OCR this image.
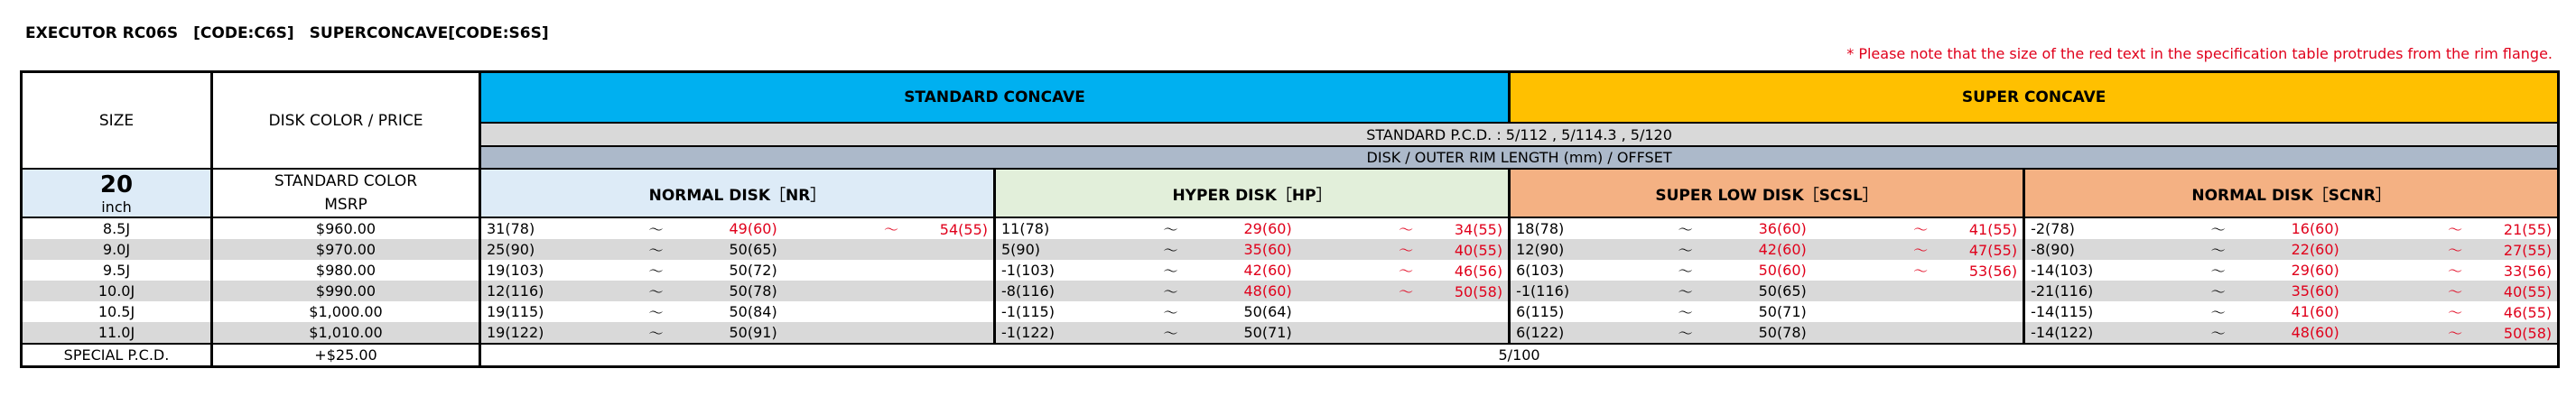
EXECUTOR RC06S　[CODE:C6S]　SUPERCONCAVE[CODE:S6S]
* Please note that the size of the red text in the specification table protrudes from the rim flange.
SIZE	DISK COLOR / PRICE	STANDARD CONCAVE								SUPER CONCAVE							
		STANDARD P.C.D. : 5/112 , 5/114.3 , 5/120															
		DISK / OUTER RIM LENGTH (mm) / OFFSET															

20
inch	STANDARD COLOR	NORMAL DISK［NR］				HYPER DISK［HP］				SUPER LOW DISK［SCSL］				NORMAL DISK［SCNR］			
	MSRP																
8.5J	$960.00	31(78)	～	49(60)	～         54(55)	11(78)	～	29(60)	～         34(55)	18(78)	～	36(60)	～         41(55)	-2(78)	～	16(60)	～         21(55)
9.0J	$970.00	25(90)	～	50(65)		5(90)	～	35(60)	～         40(55)	12(90)	～	42(60)	～         47(55)	-8(90)	～	22(60)	～         27(55)
9.5J	$980.00	19(103)	～	50(72)		-1(103)	～	42(60)	～         46(56)	6(103)	～	50(60)	～         53(56)	-14(103)	～	29(60)	～         33(56)
10.0J	$990.00	12(116)	～	50(78)		-8(116)	～	48(60)	～         50(58)	-1(116)	～	50(65)		-21(116)	～	35(60)	～         40(55)
10.5J	$1,000.00	19(115)	～	50(84)		-1(115)	～	50(64)		6(115)	～	50(71)		-14(115)	～	41(60)	～         46(55)
11.0J	$1,010.00	19(122)	～	50(91)		-1(122)	～	50(71)		6(122)	～	50(78)		-14(122)	～	48(60)	～         50(58)
SPECIAL P.C.D.	+$25.00	5/100															
